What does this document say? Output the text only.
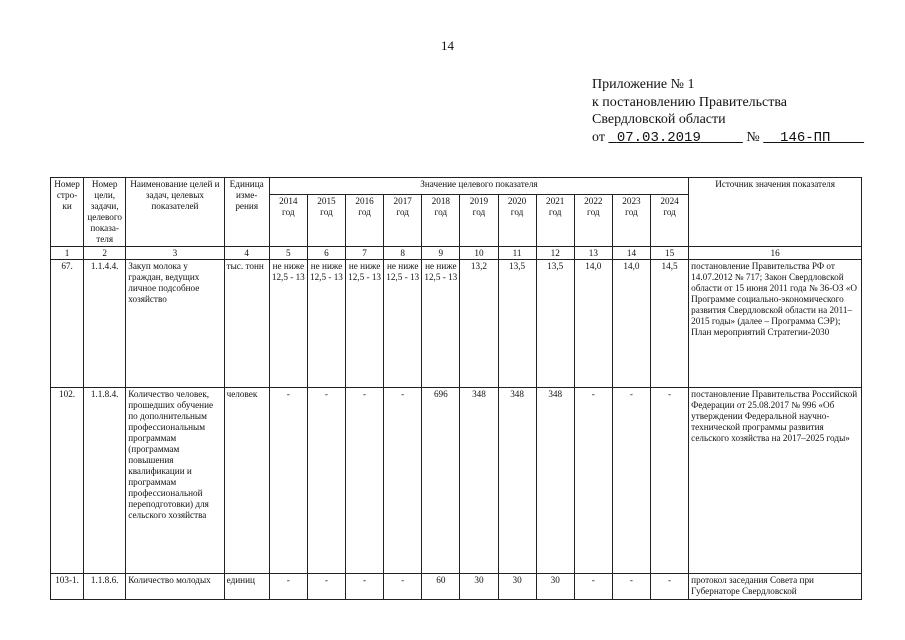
14
Приложение № 1
к постановлению Правительства
Свердловской области
от 07.03.2019	№ 146-ПП
Номер стро-ки	Номер цели, задачи, целевого показа-теля	Наименование целей и задач, целевых показателей	Единица изме-рения	Значение целевого показателя											Источник значения показателя
				2014 год	2015 год	2016 год	2017 год	2018 год	2019 год	2020 год	2021 год	2022 год	2023 год	2024 год	
1	2	3	4	5	6	7	8	9	10	11	12	13	14	15	16
67.	1.1.4.4.	Закуп молока у граждан, ведущих личное подсобное хозяйство	тыс. тонн	не ниже 12,5 - 13	не ниже 12,5 - 13	не ниже 12,5 - 13	не ниже 12,5 - 13	не ниже 12,5 - 13	13,2	13,5	13,5	14,0	14,0	14,5	постановление Правительства РФ от 14.07.2012 № 717; Закон Свердловской области от 15 июня 2011 года № 36-ОЗ «О Программе социально-экономического развития Свердловской области на 2011–2015 годы» (далее – Программа СЭР); План мероприятий Стратегии-2030
102.	1.1.8.4.	Количество человек, прошедших обучение по дополнительным профессиональным программам (программам повышения квалификации и программам профессиональной переподготовки) для сельского хозяйства	человек	-	-	-	-	696	348	348	348	-	-	-	постановление Правительства Российской Федерации от 25.08.2017 № 996 «Об утверждении Федеральной научно-технической программы развития сельского хозяйства на 2017–2025 годы»
103-1.	1.1.8.6.	Количество молодых	единиц	-	-	-	-	60	30	30	30	-	-	-	протокол заседания Совета при Губернаторе Свердловской
